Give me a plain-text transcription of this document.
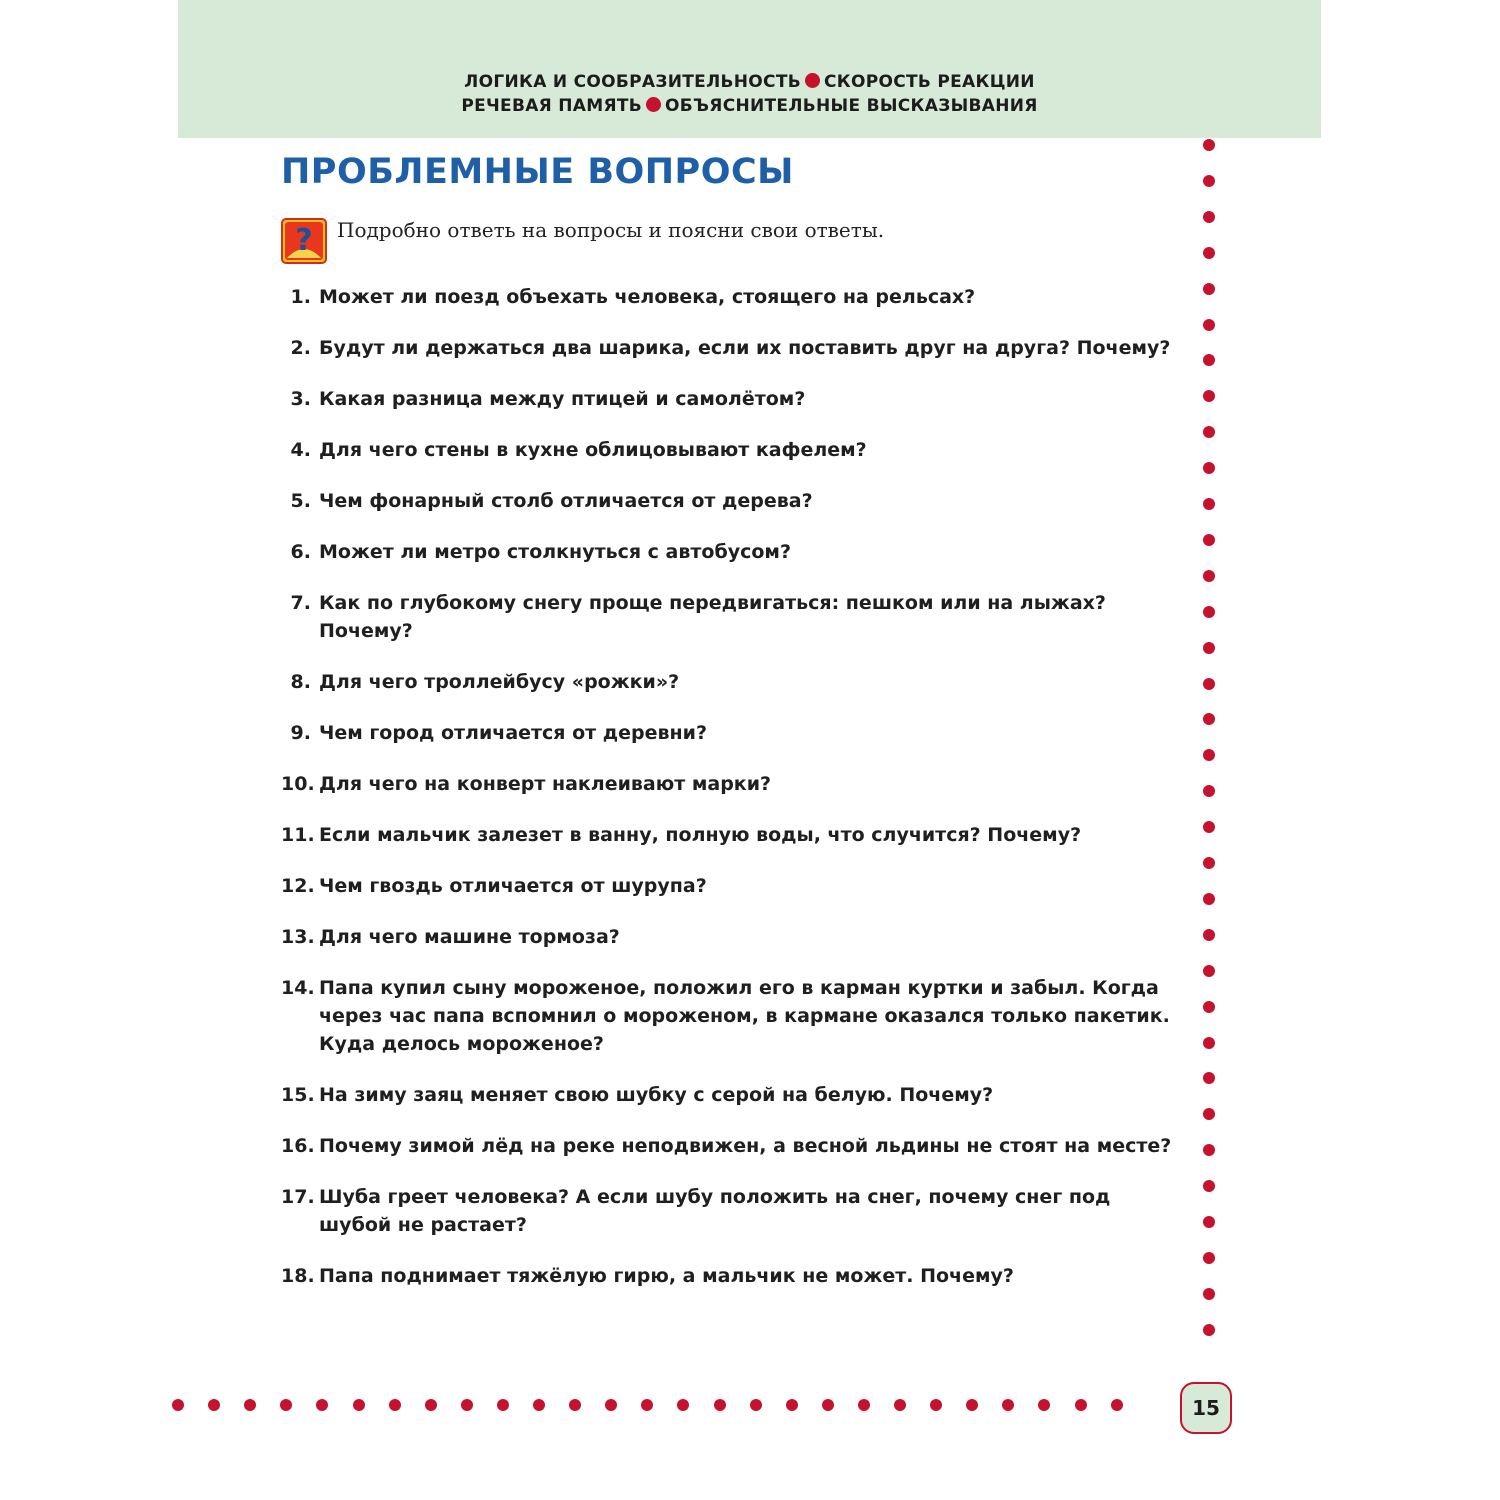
ЛОГИКА И СООБРАЗИТЕЛЬНОСТЬ СКОРОСТЬ РЕАКЦИИ
РЕЧЕВАЯ ПАМЯТЬ ОБЪЯСНИТЕЛЬНЫЕ ВЫСКАЗЫВАНИЯ
ПРОБЛЕМНЫЕ ВОПРОСЫ
? Подробно ответь на вопросы и поясни свои ответы.
1. Может ли поезд объехать человека, стоящего на рельсах?
2. Будут ли держаться два шарика, если их поставить друг на друга? Почему?
3. Какая разница между птицей и самолётом?
4. Для чего стены в кухне облицовывают кафелем?
5. Чем фонарный столб отличается от дерева?
6. Может ли метро столкнуться с автобусом?
7. Как по глубокому снегу проще передвигаться: пешком или на лыжах? Почему?
8. Для чего троллейбусу «рожки»?
9. Чем город отличается от деревни?
10. Для чего на конверт наклеивают марки?
11. Если мальчик залезет в ванну, полную воды, что случится? Почему?
12. Чем гвоздь отличается от шурупа?
13. Для чего машине тормоза?
14. Папа купил сыну мороженое, положил его в карман куртки и забыл. Когда через час папа вспомнил о мороженом, в кармане оказался только пакетик. Куда делось мороженое?
15. На зиму заяц меняет свою шубку с серой на белую. Почему?
16. Почему зимой лёд на реке неподвижен, а весной льдины не стоят на месте?
17. Шуба греет человека? А если шубу положить на снег, почему снег под шубой не растает?
18. Папа поднимает тяжёлую гирю, а мальчик не может. Почему?
15
